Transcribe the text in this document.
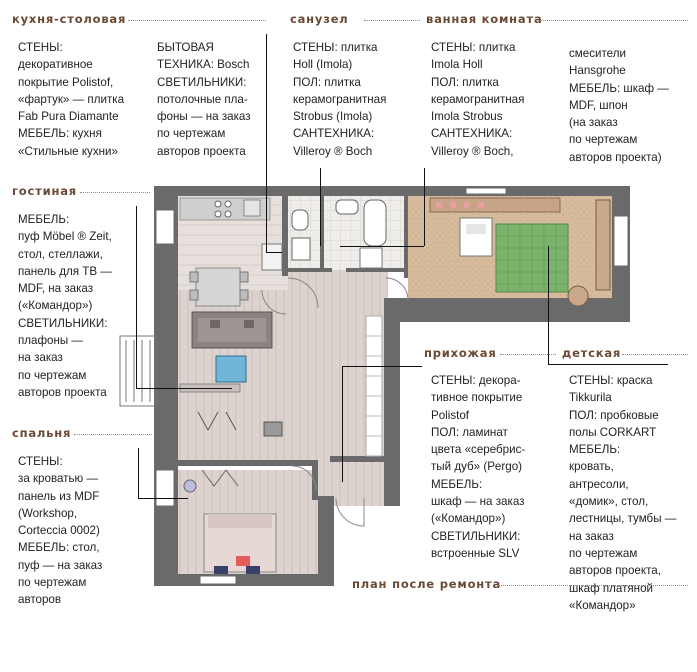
кухня-столовая	санузел	ванная комната
гостиная
прихожая	детская
спальня
план после ремонта
СТЕНЫ:
декоративное
покрытие Polistof,
«фартук» — плитка
Fab Pura Diamante
МЕБЕЛЬ: кухня
«Стильные кухни»
БЫТОВАЯ
ТЕХНИКА: Bosch
СВЕТИЛЬНИКИ:
потолочные пла-
фоны — на заказ
по чертежам
авторов проекта
СТЕНЫ: плитка
Holl (Imola)
ПОЛ: плитка
керамогранитная
Strobus (Imola)
САНТЕХНИКА:
Villeroy ® Boch
СТЕНЫ: плитка
Imola Holl
ПОЛ: плитка
керамогранитная
Imola Strobus
САНТЕХНИКА:
Villeroy ® Boch,
смесители
Hansgrohe
МЕБЕЛЬ: шкаф —
MDF, шпон
(на заказ
по чертежам
авторов проекта)
МЕБЕЛЬ:
пуф Möbel ® Zeit,
стол, стеллажи,
панель для ТВ —
MDF, на заказ
(«Командор»)
СВЕТИЛЬНИКИ:
плафоны —
на заказ
по чертежам
авторов проекта
СТЕНЫ: декора-
тивное покрытие
Polistof
ПОЛ: ламинат
цвета «серебрис-
тый дуб» (Pergo)
МЕБЕЛЬ:
шкаф — на заказ
(«Командор»)
СВЕТИЛЬНИКИ:
встроенные SLV
СТЕНЫ: краска
Tikkurila
ПОЛ: пробковые
полы CORKART
МЕБЕЛЬ:
кровать,
антресоли,
«домик», стол,
лестницы, тумбы —
на заказ
по чертежам
авторов проекта,
шкаф платяной
«Командор»
СТЕНЫ:
за кроватью —
панель из MDF
(Workshop,
Corteccia 0002)
МЕБЕЛЬ: стол,
пуф — на заказ
по чертежам
авторов
